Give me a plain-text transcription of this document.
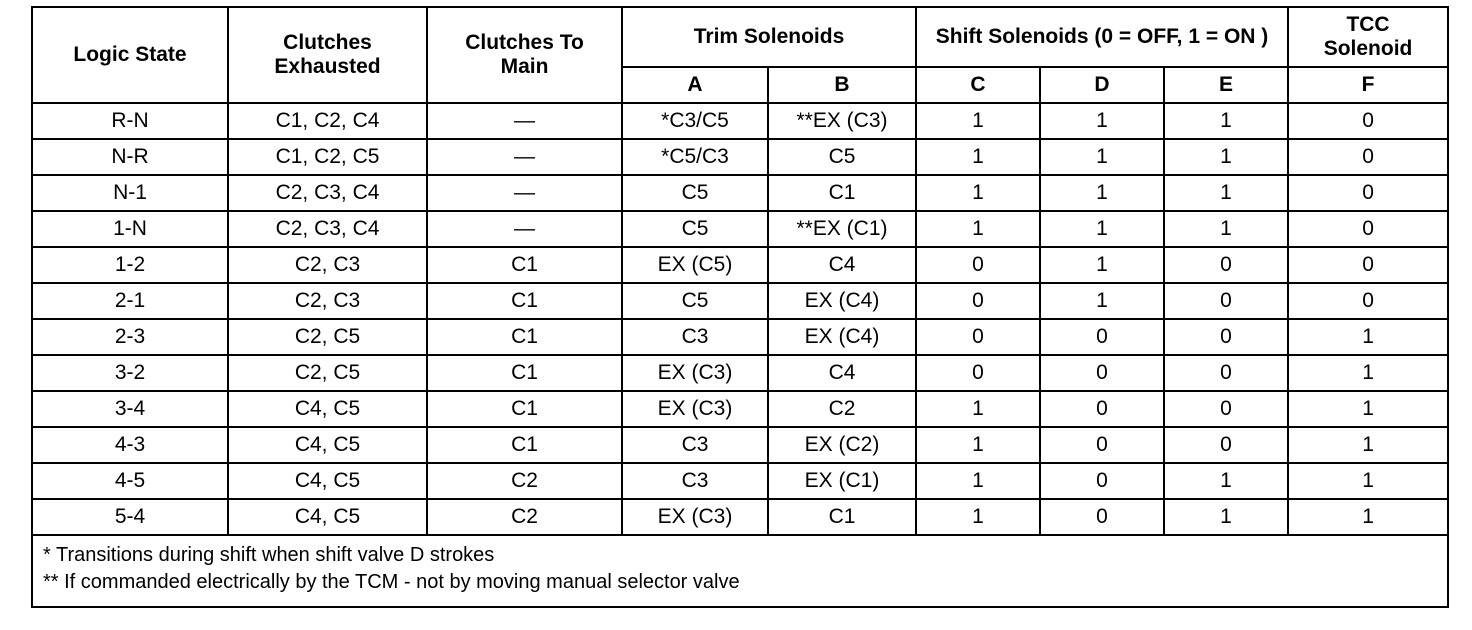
Logic State	Clutches Exhausted	Clutches To Main	Trim Solenoids		Shift Solenoids (0 = OFF, 1 = ON )			TCC Solenoid
			A	B	C	D	E	F
R-N	C1, C2, C4	—	*C3/C5	**EX (C3)	1	1	1	0
N-R	C1, C2, C5	—	*C5/C3	C5	1	1	1	0
N-1	C2, C3, C4	—	C5	C1	1	1	1	0
1-N	C2, C3, C4	—	C5	**EX (C1)	1	1	1	0
1-2	C2, C3	C1	EX (C5)	C4	0	1	0	0
2-1	C2, C3	C1	C5	EX (C4)	0	1	0	0
2-3	C2, C5	C1	C3	EX (C4)	0	0	0	1
3-2	C2, C5	C1	EX (C3)	C4	0	0	0	1
3-4	C4, C5	C1	EX (C3)	C2	1	0	0	1
4-3	C4, C5	C1	C3	EX (C2)	1	0	0	1
4-5	C4, C5	C2	C3	EX (C1)	1	0	1	1
5-4	C4, C5	C2	EX (C3)	C1	1	0	1	1

* Transitions during shift when shift valve D strokes
** If commanded electrically by the TCM - not by moving manual selector valve								
